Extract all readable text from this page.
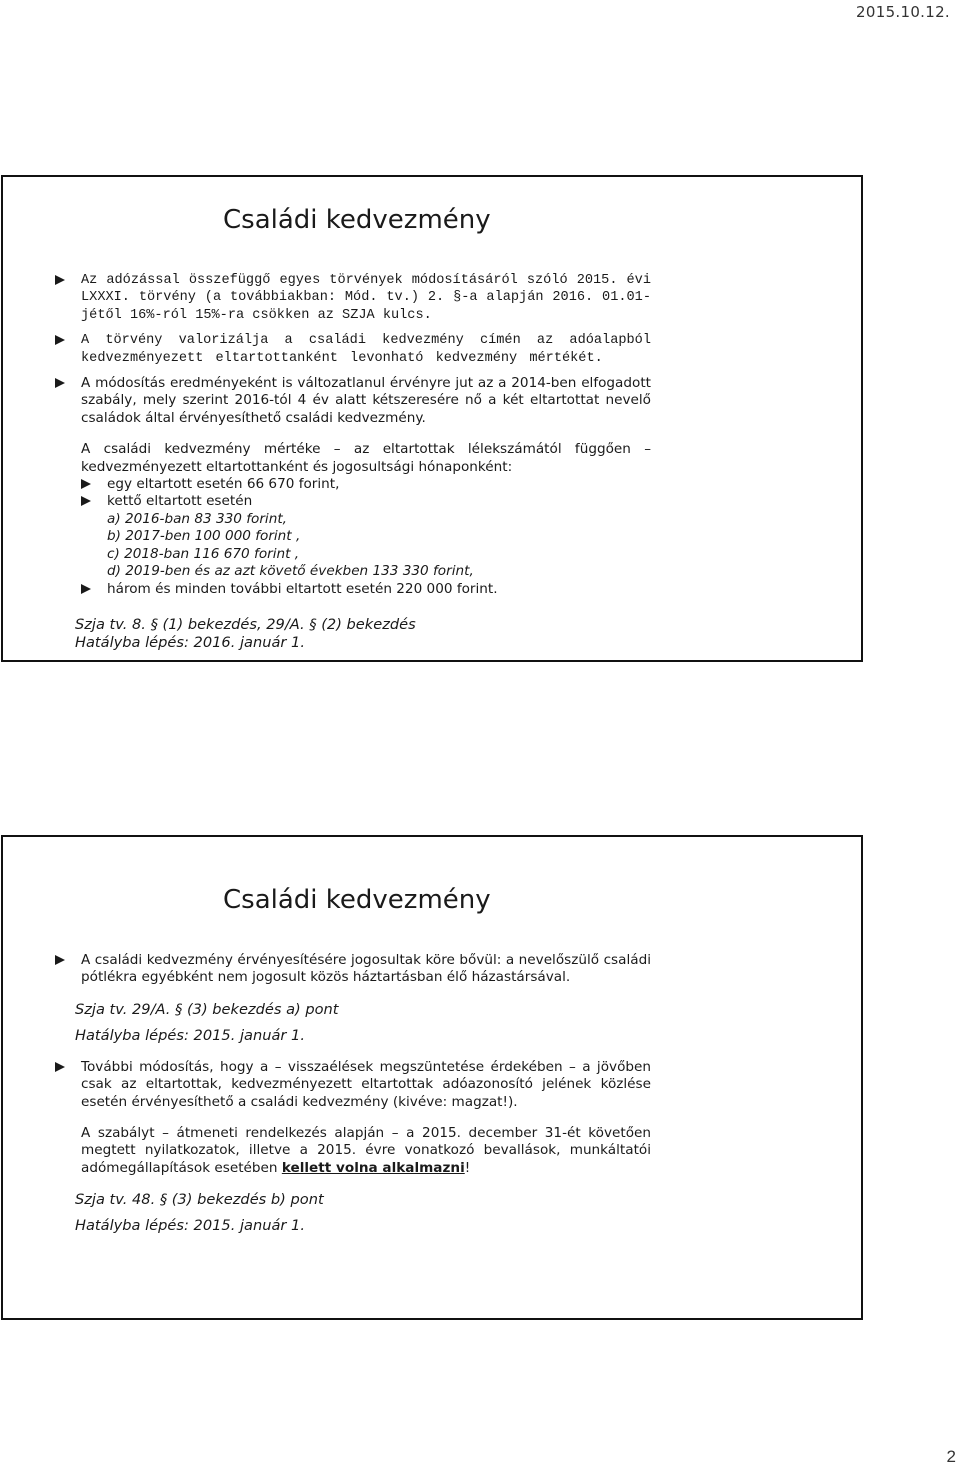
2015.10.12.
Családi kedvezmény
Az adózással összefüggő egyes törvények módosításáról szóló 2015. évi LXXXI. törvény (a továbbiakban: Mód. tv.) 2. §-a alapján 2016. 01.01-jétől 16%-ról 15%-ra csökken az SZJA kulcs.
A törvény valorizálja a családi kedvezmény címén az adóalapból kedvezményezett eltartottanként levonható kedvezmény mértékét.
A módosítás eredményeként is változatlanul érvényre jut az a 2014-ben elfogadott szabály, mely szerint 2016-tól 4 év alatt kétszeresére nő a két eltartottat nevelő családok által érvényesíthető családi kedvezmény.
A családi kedvezmény mértéke – az eltartottak lélekszámától függően – kedvezményezett eltartottanként és jogosultsági hónaponként:
egy eltartott esetén 66 670 forint,
kettő eltartott esetén
a) 2016-ban 83 330 forint,
b) 2017-ben 100 000 forint ,
c) 2018-ban 116 670 forint ,
d) 2019-ben és az azt követő években 133 330 forint,
három és minden további eltartott esetén 220 000 forint.
Szja tv. 8. § (1) bekezdés, 29/A. § (2) bekezdés
Hatályba lépés: 2016. január 1.
Családi kedvezmény
A családi kedvezmény érvényesítésére jogosultak köre bővül: a nevelőszülő családi pótlékra egyébként nem jogosult közös háztartásban élő házastársával.
Szja tv. 29/A. § (3) bekezdés a) pont
Hatályba lépés: 2015. január 1.
További módosítás, hogy a – visszaélések megszüntetése érdekében – a jövőben csak az eltartottak, kedvezményezett eltartottak adóazonosító jelének közlése esetén érvényesíthető a családi kedvezmény (kivéve: magzat!).
A szabályt – átmeneti rendelkezés alapján – a 2015. december 31-ét követően megtett nyilatkozatok, illetve a 2015. évre vonatkozó bevallások, munkáltatói adómegállapítások esetében kellett volna alkalmazni!
Szja tv. 48. § (3) bekezdés b) pont
Hatályba lépés: 2015. január 1.
2
